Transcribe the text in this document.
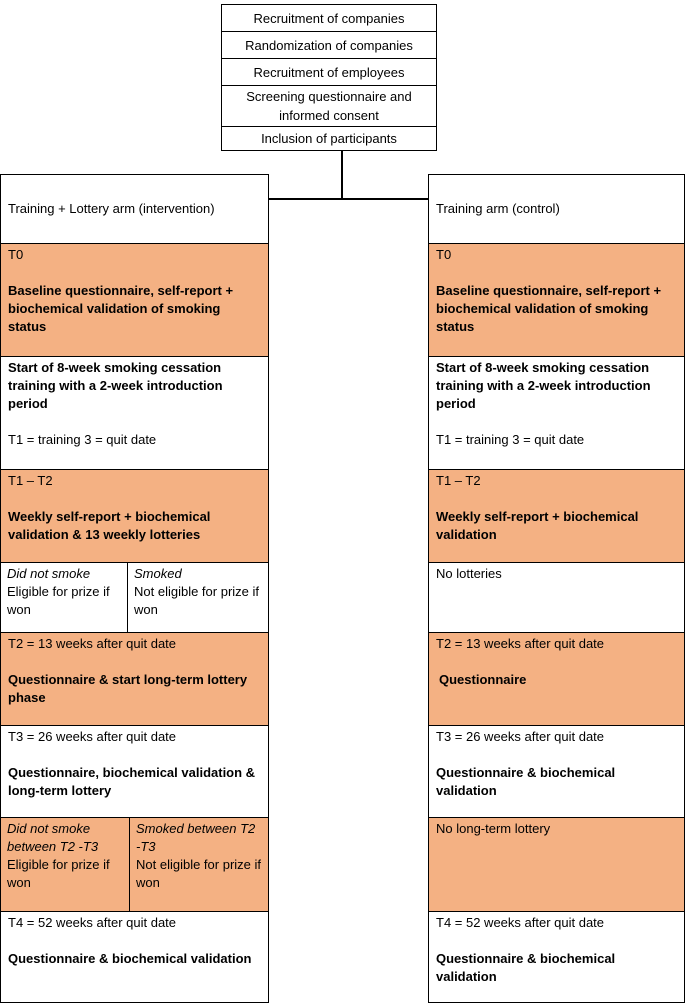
Recruitment of companies
Randomization of companies
Recruitment of employees
Screening questionnaire and informed consent
Inclusion of participants
Training + Lottery arm (intervention)
T0
Baseline questionnaire, self-report + biochemical validation of smoking status
Start of 8-week smoking cessation training with a 2-week introduction period
T1 = training 3 = quit date
T1 – T2
Weekly self-report + biochemical validation & 13 weekly lotteries
Did not smoke
Eligible for prize if won
Smoked
Not eligible for prize if won
T2 = 13 weeks after quit date
Questionnaire & start long-term lottery phase
T3 = 26 weeks after quit date
Questionnaire, biochemical validation & long-term lottery
Did not smoke between T2 -T3
Eligible for prize if won
Smoked between T2 -T3
Not eligible for prize if won
T4 = 52 weeks after quit date
Questionnaire & biochemical validation
Training arm (control)
T0
Baseline questionnaire, self-report + biochemical validation of smoking status
Start of 8-week smoking cessation training with a 2-week introduction period
T1 = training 3 = quit date
T1 – T2
Weekly self-report + biochemical validation
No lotteries
T2 = 13 weeks after quit date
Questionnaire
T3 = 26 weeks after quit date
Questionnaire & biochemical validation
No long-term lottery
T4 = 52 weeks after quit date
Questionnaire & biochemical validation
